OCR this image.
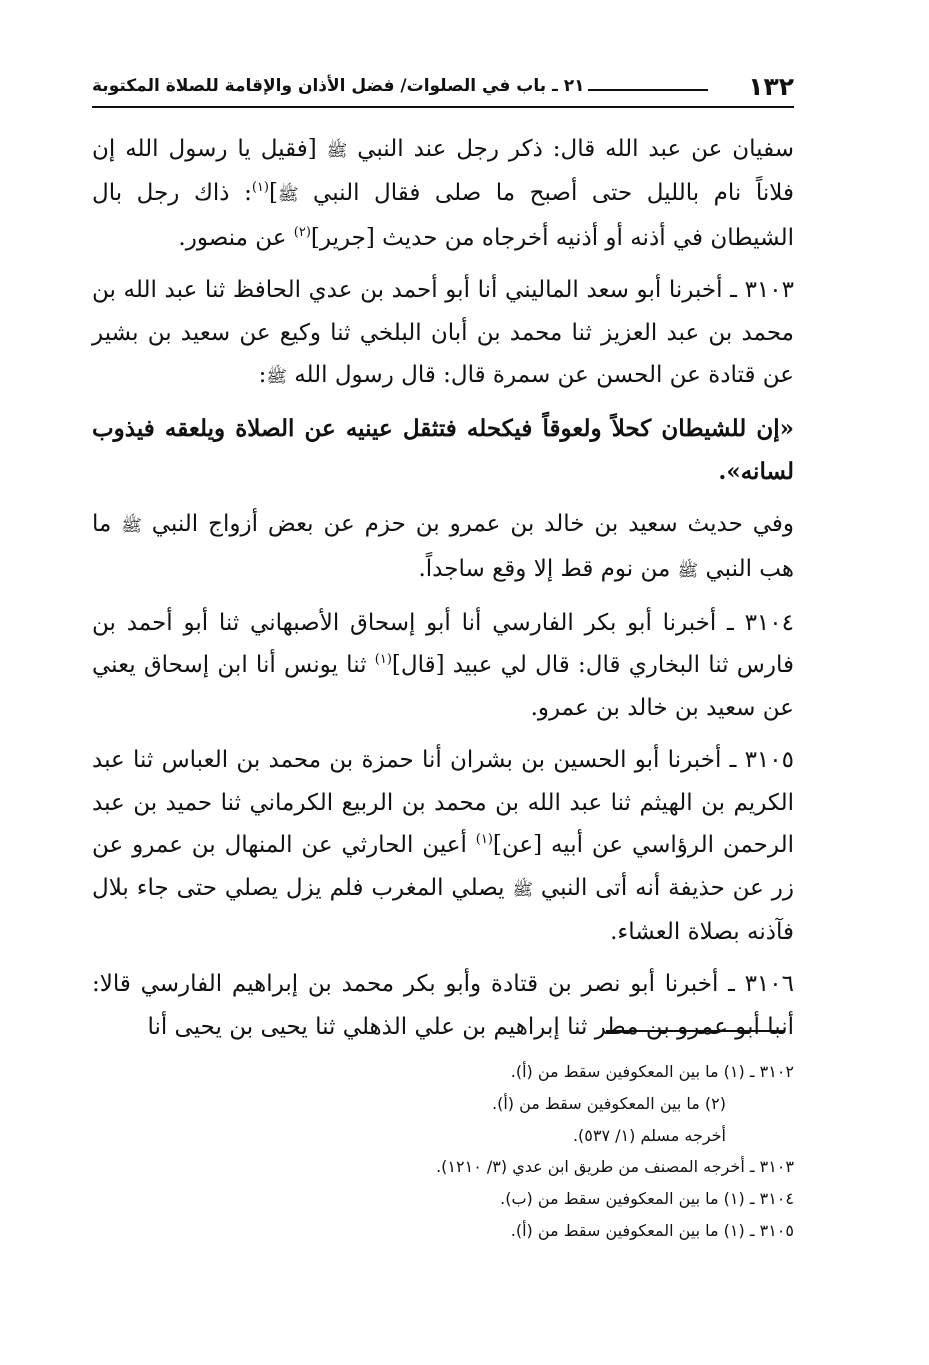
١٣٢
٢١ ـ باب في الصلوات/ فضل الأذان والإقامة للصلاة المكتوبة

سفيان عن عبد الله قال: ذكر رجل عند النبي ﷺ [فقيل يا رسول الله إن فلاناً نام بالليل حتى أصبح ما صلى فقال النبي ﷺ]$^{(١)}$: ذاك رجل بال الشيطان في أذنه أو أذنيه أخرجاه من حديث [جرير]$^{(٢)}$ عن منصور.

٣١٠٣ ـ أخبرنا أبو سعد الماليني أنا أبو أحمد بن عدي الحافظ ثنا عبد الله بن محمد بن عبد العزيز ثنا محمد بن أبان البلخي ثنا وكيع عن سعيد بن بشير عن قتادة عن الحسن عن سمرة قال: قال رسول الله ﷺ:

«إن للشيطان كحلاً ولعوقاً فيكحله فتثقل عينيه عن الصلاة ويلعقه فيذوب لسانه».

وفي حديث سعيد بن خالد بن عمرو بن حزم عن بعض أزواج النبي ﷺ ما هب النبي ﷺ من نوم قط إلا وقع ساجداً.

٣١٠٤ ـ أخبرنا أبو بكر الفارسي أنا أبو إسحاق الأصبهاني ثنا أبو أحمد بن فارس ثنا البخاري قال: قال لي عبيد [قال]$^{(١)}$ ثنا يونس أنا ابن إسحاق يعني عن سعيد بن خالد بن عمرو.

٣١٠٥ ـ أخبرنا أبو الحسين بن بشران أنا حمزة بن محمد بن العباس ثنا عبد الكريم بن الهيثم ثنا عبد الله بن محمد بن الربيع الكرماني ثنا حميد بن عبد الرحمن الرؤاسي عن أبيه [عن]$^{(١)}$ أعين الحارثي عن المنهال بن عمرو عن زر عن حذيفة أنه أتى النبي ﷺ يصلي المغرب فلم يزل يصلي حتى جاء بلال فآذنه بصلاة العشاء.

٣١٠٦ ـ أخبرنا أبو نصر بن قتادة وأبو بكر محمد بن إبراهيم الفارسي قالا: أنبا أبو عمرو بن مطر ثنا إبراهيم بن علي الذهلي ثنا يحيى بن يحيى أنا

٣١٠٢ ـ (١) ما بين المعكوفين سقط من (أ).

(٢) ما بين المعكوفين سقط من (أ).

أخرجه مسلم (١/ ٥٣٧).

٣١٠٣ ـ أخرجه المصنف من طريق ابن عدي (٣/ ١٢١٠).

٣١٠٤ ـ (١) ما بين المعكوفين سقط من (ب).

٣١٠٥ ـ (١) ما بين المعكوفين سقط من (أ).
